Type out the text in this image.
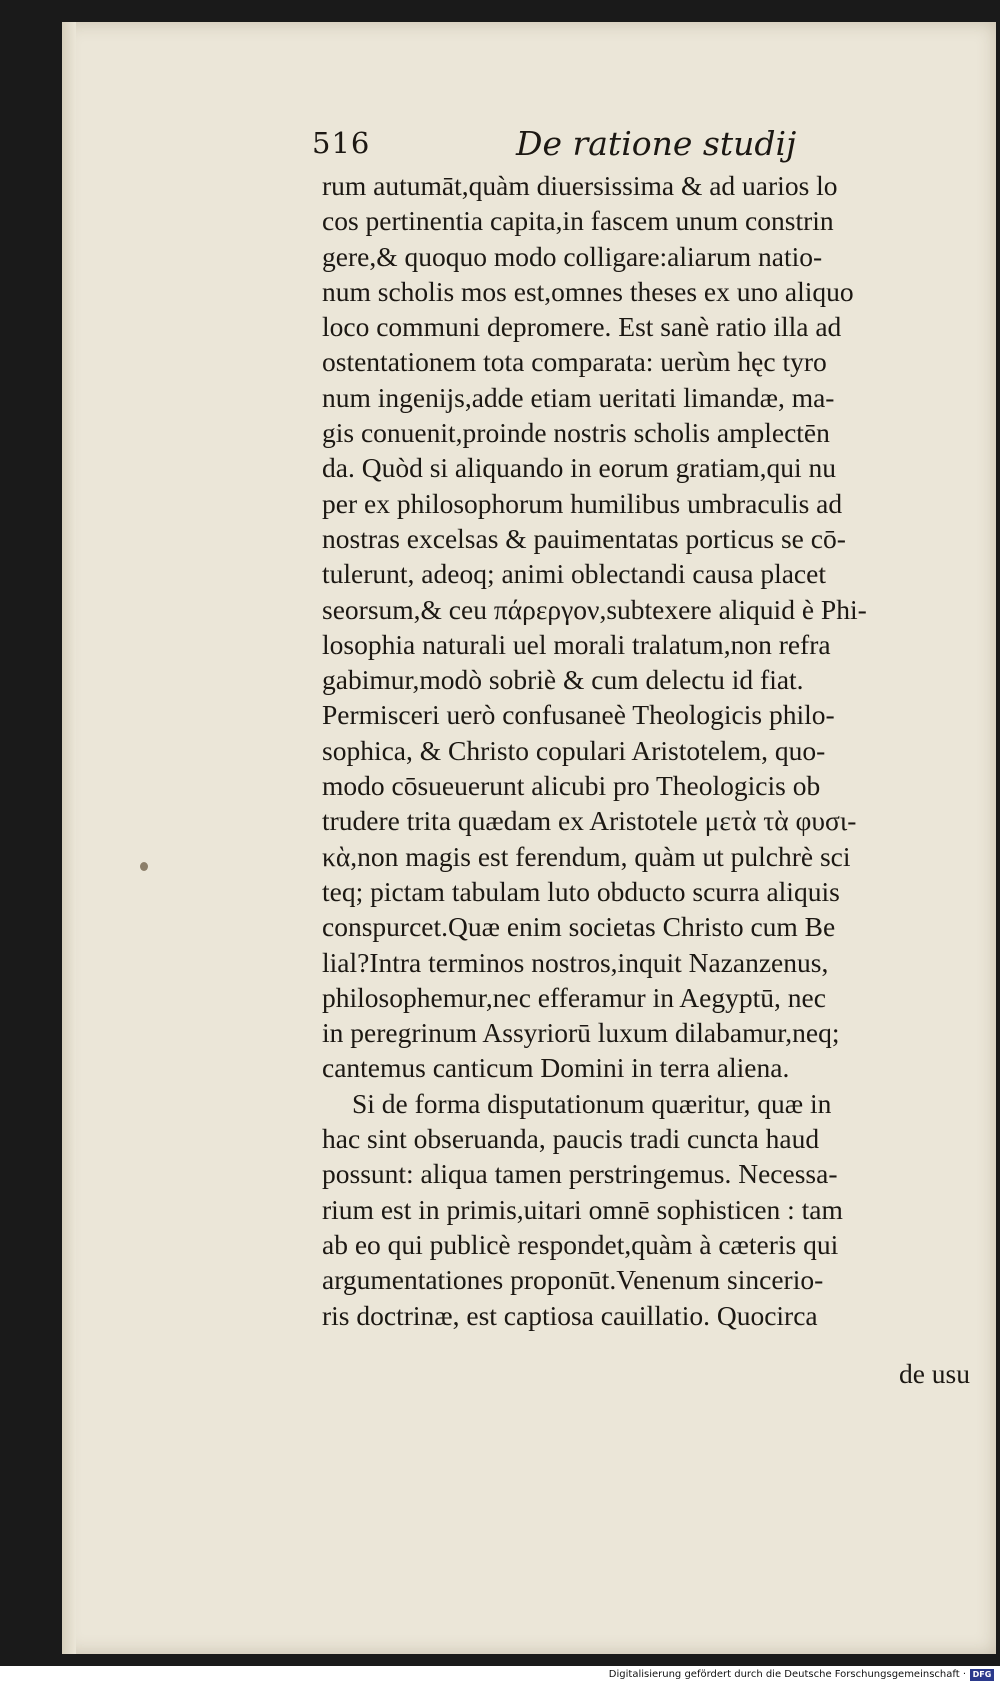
516	De ratione studij
rum autumāt,quàm diuersissima & ad uarios lo
cos pertinentia capita,in fascem unum constrin
gere,& quoquo modo colligare:aliarum natio-
num scholis mos est,omnes theses ex uno aliquo
loco communi depromere. Est sanè ratio illa ad
ostentationem tota comparata: uerùm hęc tyro
num ingenijs,adde etiam ueritati limandæ, ma-
gis conuenit,proinde nostris scholis amplectēn
da. Quòd si aliquando in eorum gratiam,qui nu
per ex philosophorum humilibus umbraculis ad
nostras excelsas & pauimentatas porticus se cō-
tulerunt, adeoq; animi oblectandi causa placet
seorsum,& ceu πάρεργον,subtexere aliquid è Phi-
losophia naturali uel morali tralatum,non refra
gabimur,modò sobriè & cum delectu id fiat.
Permisceri uerò confusaneè Theologicis philo-
sophica, & Christo copulari Aristotelem, quo-
modo cōsueuerunt alicubi pro Theologicis ob
trudere trita quædam ex Aristotele μετὰ τὰ φυσι-
κὰ,non magis est ferendum, quàm ut pulchrè sci
teq; pictam tabulam luto obducto scurra aliquis
conspurcet.Quæ enim societas Christo cum Be
lial?Intra terminos nostros,inquit Nazanzenus,
philosophemur,nec efferamur in Aegyptū, nec
in peregrinum Assyriorū luxum dilabamur,neq;
cantemus canticum Domini in terra aliena.
Si de forma disputationum quæritur, quæ in
hac sint obseruanda, paucis tradi cuncta haud
possunt: aliqua tamen perstringemus. Necessa-
rium est in primis,uitari omnē sophisticen : tam
ab eo qui publicè respondet,quàm à cæteris qui
argumentationes proponūt.Venenum sincerio-
ris doctrinæ, est captiosa cauillatio. Quocirca
de usu
Digitalisierung gefördert durch die Deutsche Forschungsgemeinschaft · DFG
